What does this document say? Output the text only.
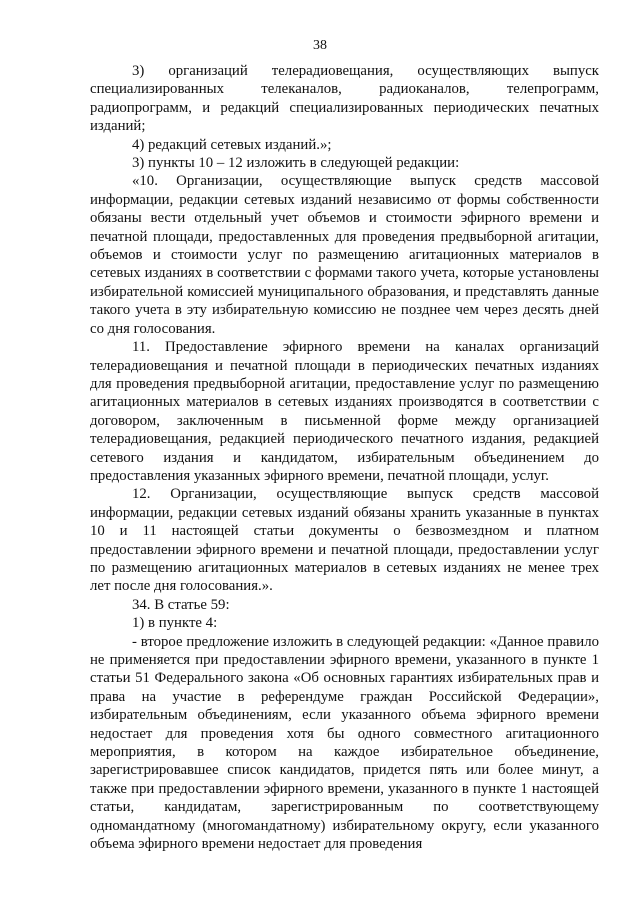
38

3) организаций телерадиовещания, осуществляющих выпуск специализированных телеканалов, радиоканалов, телепрограмм, радиопрограмм, и редакций специализированных периодических печатных изданий;

4) редакций сетевых изданий.»;

3) пункты 10 – 12 изложить в следующей редакции:

«10. Организации, осуществляющие выпуск средств массовой информации, редакции сетевых изданий независимо от формы собственности обязаны вести отдельный учет объемов и стоимости эфирного времени и печатной площади, предоставленных для проведения предвыборной агитации, объемов и стоимости услуг по размещению агитационных материалов в сетевых изданиях в соответствии с формами такого учета, которые установлены избирательной комиссией муниципального образования, и представлять данные такого учета в эту избирательную комиссию не позднее чем через десять дней со дня голосования.

11. Предоставление эфирного времени на каналах организаций телерадиовещания и печатной площади в периодических печатных изданиях для проведения предвыборной агитации, предоставление услуг по размещению агитационных материалов в сетевых изданиях производятся в соответствии с договором, заключенным в письменной форме между организацией телерадиовещания, редакцией периодического печатного издания, редакцией сетевого издания и кандидатом, избирательным объединением до предоставления указанных эфирного времени, печатной площади, услуг.

12. Организации, осуществляющие выпуск средств массовой информации, редакции сетевых изданий обязаны хранить указанные в пунктах 10 и 11 настоящей статьи документы о безвозмездном и платном предоставлении эфирного времени и печатной площади, предоставлении услуг по размещению агитационных материалов в сетевых изданиях не менее трех лет после дня голосования.».

34. В статье 59:

1) в пункте 4:

- второе предложение изложить в следующей редакции: «Данное правило не применяется при предоставлении эфирного времени, указанного в пункте 1 статьи 51 Федерального закона «Об основных гарантиях избирательных прав и права на участие в референдуме граждан Российской Федерации», избирательным объединениям, если указанного объема эфирного времени недостает для проведения хотя бы одного совместного агитационного мероприятия, в котором на каждое избирательное объединение, зарегистрировавшее список кандидатов, придется пять или более минут, а также при предоставлении эфирного времени, указанного в пункте 1 настоящей статьи, кандидатам, зарегистрированным по соответствующему одномандатному (многомандатному) избирательному округу, если указанного объема эфирного времени недостает для проведения
